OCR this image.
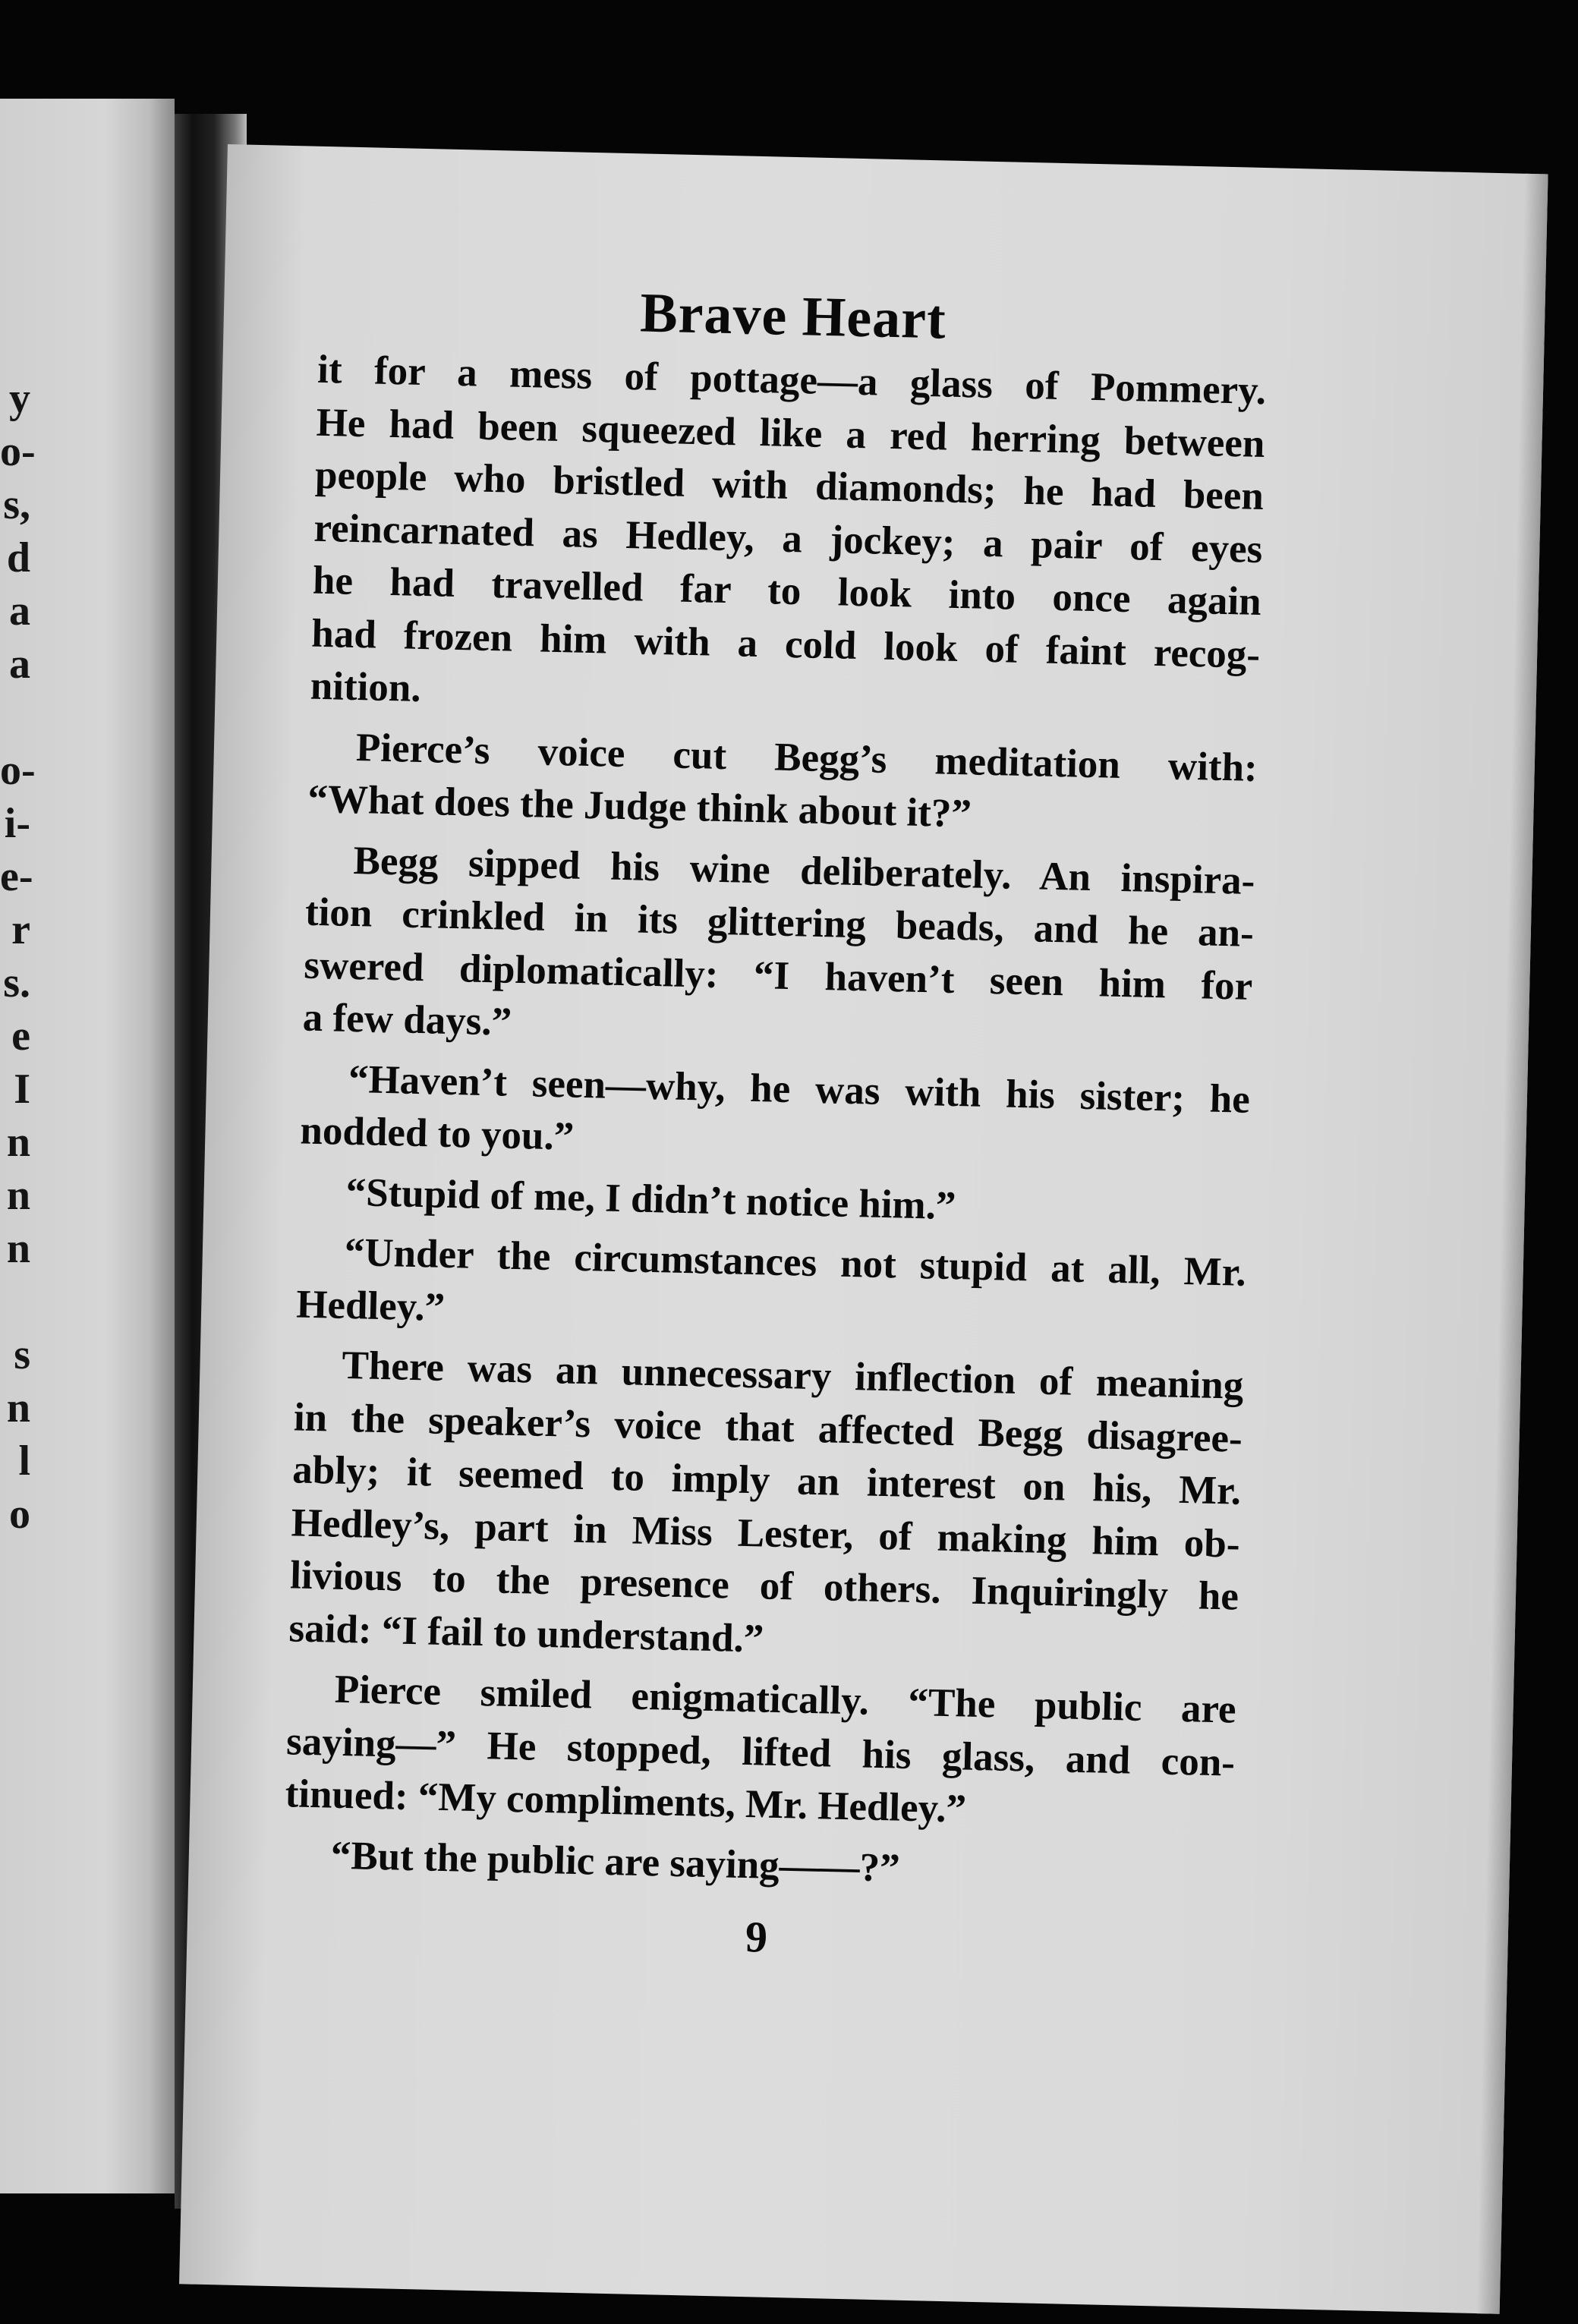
y
o-
s,
d
a
a
o-
i-
e-
r
s.
e
I
n
n
n
s
n
l
o
Brave Heart
it for a mess of pottage—a glass of Pommery.
He had been squeezed like a red herring between
people who bristled with diamonds; he had been
reincarnated as Hedley, a jockey; a pair of eyes
he had travelled far to look into once again
had frozen him with a cold look of faint recog-
nition.
Pierce’s voice cut Begg’s meditation with:
“What does the Judge think about it?”
Begg sipped his wine deliberately. An inspira-
tion crinkled in its glittering beads, and he an-
swered diplomatically: “I haven’t seen him for
a few days.”
“Haven’t seen—why, he was with his sister; he
nodded to you.”
“Stupid of me, I didn’t notice him.”
“Under the circumstances not stupid at all, Mr.
Hedley.”
There was an unnecessary inflection of meaning
in the speaker’s voice that affected Begg disagree-
ably; it seemed to imply an interest on his, Mr.
Hedley’s, part in Miss Lester, of making him ob-
livious to the presence of others. Inquiringly he
said: “I fail to understand.”
Pierce smiled enigmatically. “The public are
saying—” He stopped, lifted his glass, and con-
tinued: “My compliments, Mr. Hedley.”
“But the public are saying——?”
9
